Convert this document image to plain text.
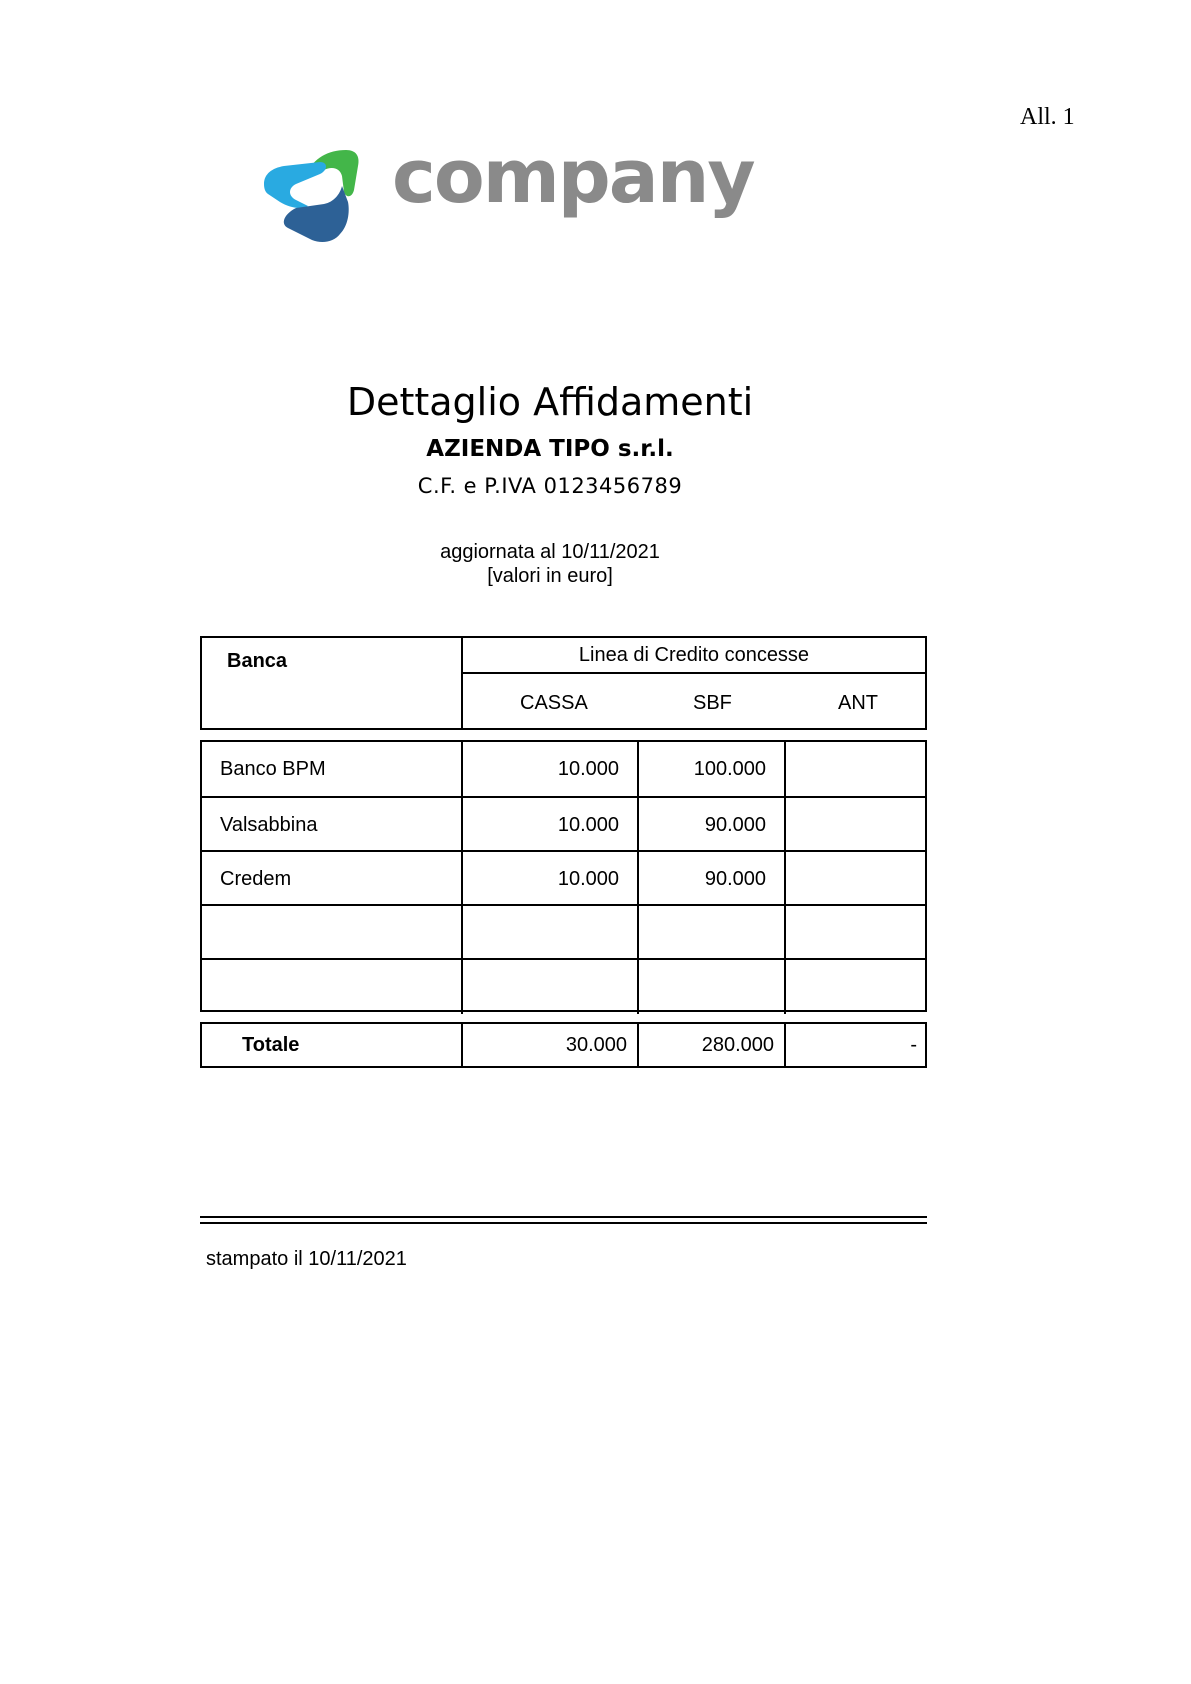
All. 1
company
Dettaglio Affidamenti
AZIENDA TIPO s.r.l.
C.F. e P.IVA 0123456789
aggiornata al 10/11/2021
[valori in euro]
Banca	Linea di Credito concesse
CASSA	SBF	ANT
Banco BPM	10.000	100.000
Valsabbina	10.000	90.000
Credem	10.000	90.000
Totale	30.000	280.000	-
stampato il 10/11/2021
